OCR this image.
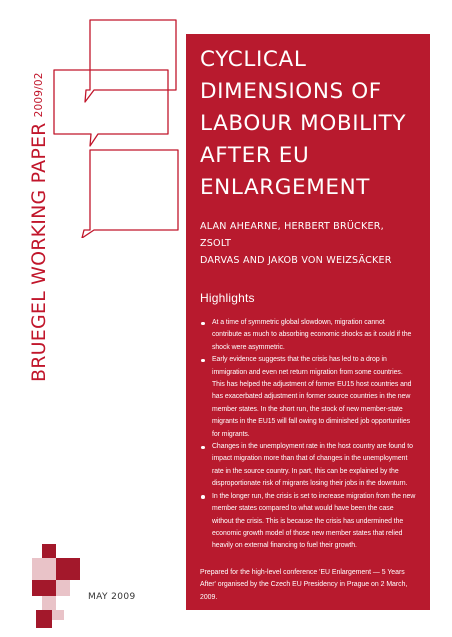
BRUEGEL WORKING PAPER2009/02
MAY 2009
CYCLICAL
DIMENSIONS OF
LABOUR MOBILITY
AFTER EU
ENLARGEMENT
ALAN AHEARNE, HERBERT BRÜCKER, ZSOLT
DARVAS AND JAKOB VON WEIZSÄCKER
Highlights
At a time of symmetric global slowdown, migration cannot contribute as much to absorbing economic shocks as it could if the shock were asymmetric.
Early evidence suggests that the crisis has led to a drop in immigration and even net return migration from some countries. This has helped the adjustment of former EU15 host countries and has exacerbated adjustment in former source countries in the new member states. In the short run, the stock of new member-state migrants in the EU15 will fall owing to diminished job opportunities for migrants.
Changes in the unemployment rate in the host country are found to impact migration more than that of changes in the unemployment rate in the source country. In part, this can be explained by the disproportionate risk of migrants losing their jobs in the downturn.
In the longer run, the crisis is set to increase migration from the new member states compared to what would have been the case without the crisis. This is because the crisis has undermined the economic growth model of those new member states that relied heavily on external financing to fuel their growth.
Prepared for the high-level conference 'EU Enlargement — 5 Years After' organised by the Czech EU Presidency in Prague on 2 March, 2009.
